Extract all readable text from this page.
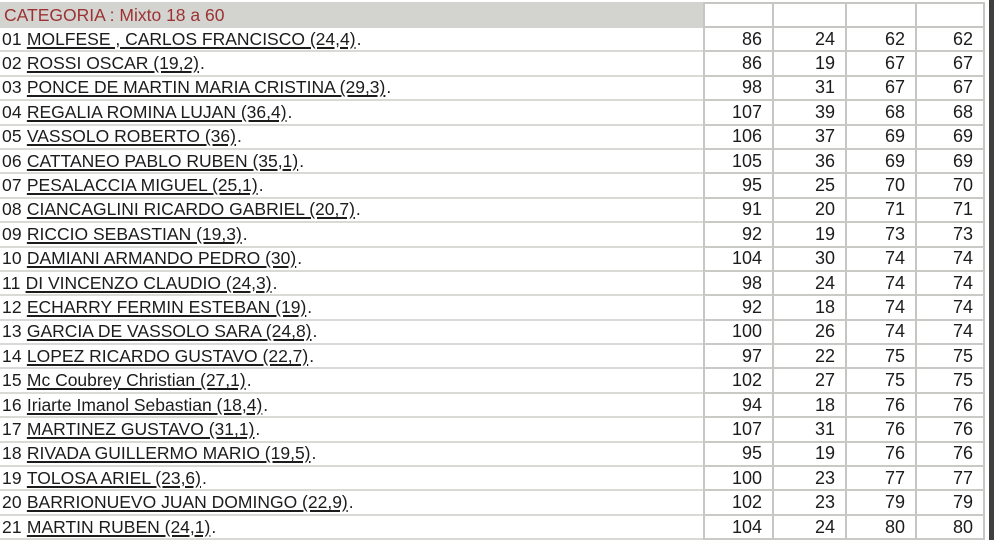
CATEGORIA : Mixto 18 a 60
01 MOLFESE , CARLOS FRANCISCO (24,4) .	86	24	62	62
02 ROSSI OSCAR (19,2) .	86	19	67	67
03 PONCE DE MARTIN MARIA CRISTINA (29,3) .	98	31	67	67
04 REGALIA ROMINA LUJAN (36,4) .	107	39	68	68
05 VASSOLO ROBERTO (36) .	106	37	69	69
06 CATTANEO PABLO RUBEN (35,1) .	105	36	69	69
07 PESALACCIA MIGUEL (25,1) .	95	25	70	70
08 CIANCAGLINI RICARDO GABRIEL (20,7) .	91	20	71	71
09 RICCIO SEBASTIAN (19,3) .	92	19	73	73
10 DAMIANI ARMANDO PEDRO (30) .	104	30	74	74
11 DI VINCENZO CLAUDIO (24,3) .	98	24	74	74
12 ECHARRY FERMIN ESTEBAN (19) .	92	18	74	74
13 GARCIA DE VASSOLO SARA (24,8) .	100	26	74	74
14 LOPEZ RICARDO GUSTAVO (22,7) .	97	22	75	75
15 Mc Coubrey Christian (27,1) .	102	27	75	75
16 Iriarte Imanol Sebastian (18,4) .	94	18	76	76
17 MARTINEZ GUSTAVO (31,1) .	107	31	76	76
18 RIVADA GUILLERMO MARIO (19,5) .	95	19	76	76
19 TOLOSA ARIEL (23,6) .	100	23	77	77
20 BARRIONUEVO JUAN DOMINGO (22,9) .	102	23	79	79
21 MARTIN RUBEN (24,1) .	104	24	80	80
